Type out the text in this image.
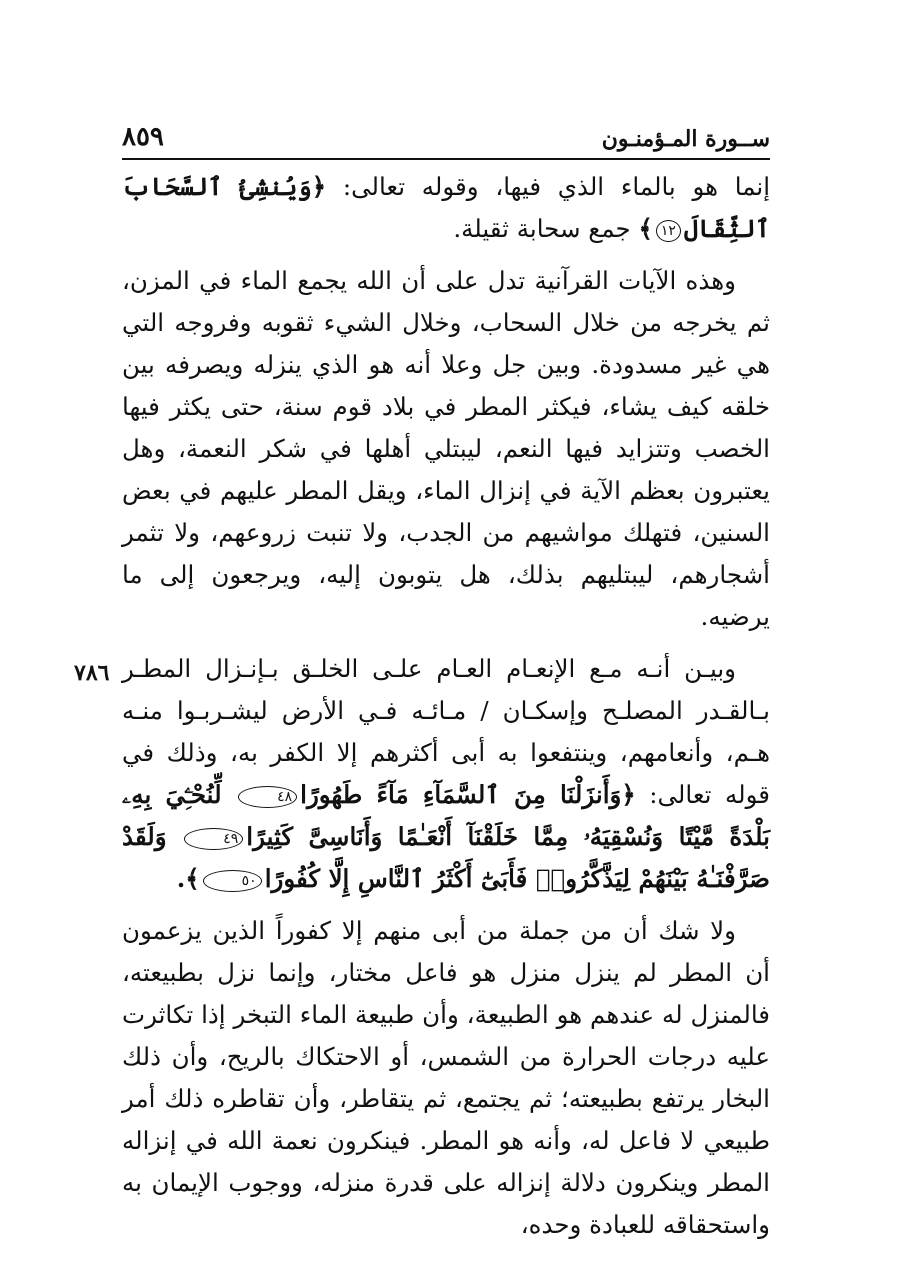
ســورة المـؤمنـون
٨٥٩
٧٨٦

إنما هو بالماء الذي فيها، وقوله تعالى: ﴿وَيُنشِئُ ٱلسَّحَابَ ٱلثِّقَالَ١٢﴾ جمع سحابة ثقيلة.

وهذه الآيات القرآنية تدل على أن الله يجمع الماء في المزن، ثم يخرجه من خلال السحاب، وخلال الشيء ثقوبه وفروجه التي هي غير مسدودة. وبين جل وعلا أنه هو الذي ينزله ويصرفه بين خلقه كيف يشاء، فيكثر المطر في بلاد قوم سنة، حتى يكثر فيها الخصب وتتزايد فيها النعم، ليبتلي أهلها في شكر النعمة، وهل يعتبرون بعظم الآية في إنزال الماء، ويقل المطر عليهم في بعض السنين، فتهلك مواشيهم من الجدب، ولا تنبت زروعهم، ولا تثمر أشجارهم، ليبتليهم بذلك، هل يتوبون إليه، ويرجعون إلى ما يرضيه.

وبيـن أنـه مـع الإنعـام العـام علـى الخلـق بـإنـزال المطـر بـالقـدر المصلـح وإسكـان / مـائـه فـي الأرض ليشـربـوا منـه هـم، وأنعامهم، وينتفعوا به أبى أكثرهم إلا الكفر به، وذلك في قوله تعالى: ﴿وَأَنزَلْنَا مِنَ ٱلسَّمَآءِ مَآءً طَهُورًا٤٨ لِّنُحْـِۧيَ بِهِۦ بَلْدَةً مَّيْتًا وَنُسْقِيَهُۥ مِمَّا خَلَقْنَآ أَنْعَـٰمًا وَأَنَاسِىَّ كَثِيرًا٤٩ وَلَقَدْ صَرَّفْنَـٰهُ بَيْنَهُمْ لِيَذَّكَّرُوا۟ فَأَبَىٰٓ أَكْثَرُ ٱلنَّاسِ إِلَّا كُفُورًا٥٠﴾.

ولا شك أن من جملة من أبى منهم إلا كفوراً الذين يزعمون أن المطر لم ينزل منزل هو فاعل مختار، وإنما نزل بطبيعته، فالمنزل له عندهم هو الطبيعة، وأن طبيعة الماء التبخر إذا تكاثرت عليه درجات الحرارة من الشمس، أو الاحتكاك بالريح، وأن ذلك البخار يرتفع بطبيعته؛ ثم يجتمع، ثم يتقاطر، وأن تقاطره ذلك أمر طبيعي لا فاعل له، وأنه هو المطر. فينكرون نعمة الله في إنزاله المطر وينكرون دلالة إنزاله على قدرة منزله، ووجوب الإيمان به واستحقاقه للعبادة وحده،
